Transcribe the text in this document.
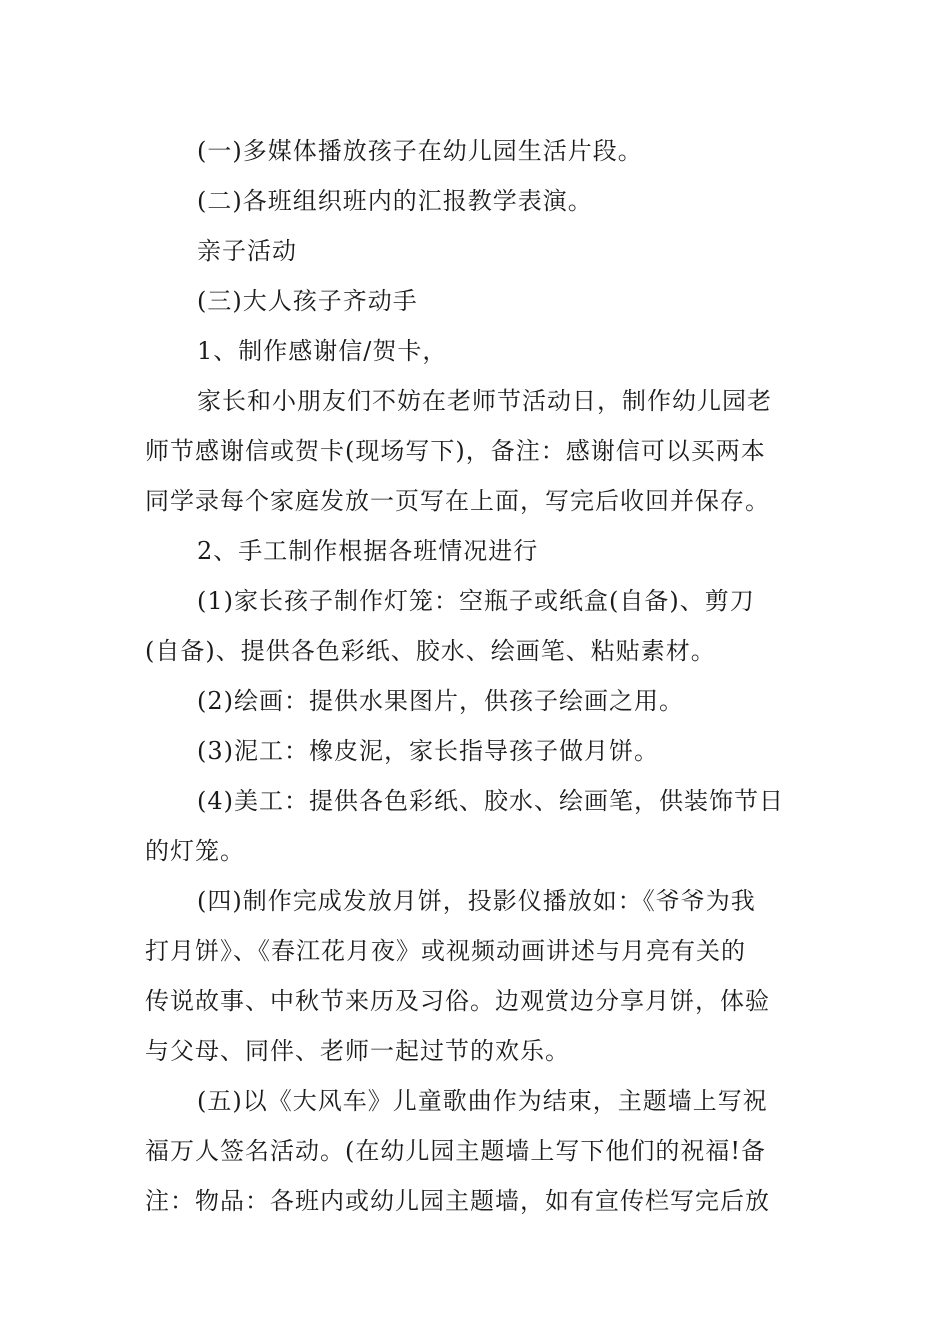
(一)多媒体播放孩子在幼儿园生活片段。

(二)各班组织班内的汇报教学表演。

亲子活动

(三)大人孩子齐动手

1、制作感谢信/贺卡，

家长和小朋友们不妨在老师节活动日，制作幼儿园老
师节感谢信或贺卡(现场写下)，备注：感谢信可以买两本
同学录每个家庭发放一页写在上面，写完后收回并保存。

2、手工制作根据各班情况进行

(1)家长孩子制作灯笼：空瓶子或纸盒(自备)、剪刀
(自备)、提供各色彩纸、胶水、绘画笔、粘贴素材。

(2)绘画：提供水果图片，供孩子绘画之用。

(3)泥工：橡皮泥，家长指导孩子做月饼。

(4)美工：提供各色彩纸、胶水、绘画笔，供装饰节日
的灯笼。

(四)制作完成发放月饼，投影仪播放如：《爷爷为我
打月饼》、《春江花月夜》或视频动画讲述与月亮有关的
传说故事、中秋节来历及习俗。边观赏边分享月饼，体验
与父母、同伴、老师一起过节的欢乐。

(五)以《大风车》儿童歌曲作为结束，主题墙上写祝
福万人签名活动。(在幼儿园主题墙上写下他们的祝福!备
注：物品：各班内或幼儿园主题墙，如有宣传栏写完后放
